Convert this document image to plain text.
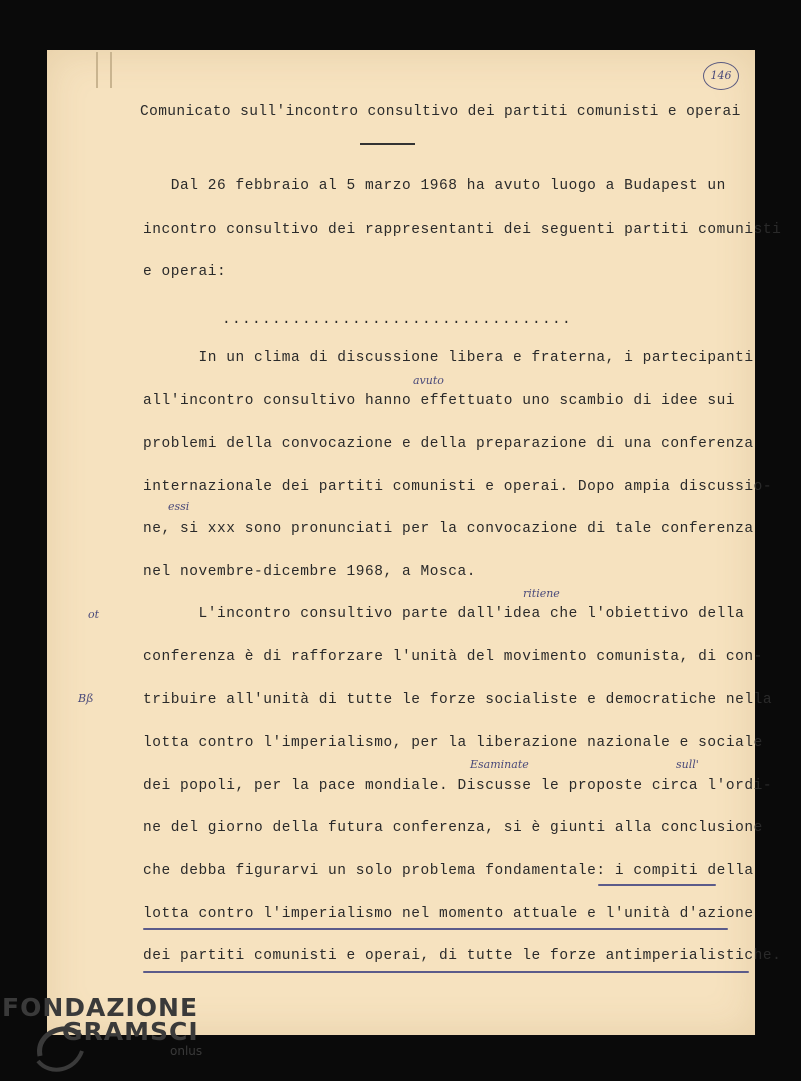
146
Comunicato sull'incontro consultivo dei partiti comunisti e operai
Dal 26 febbraio al 5 marzo 1968 ha avuto luogo a Budapest un
incontro consultivo dei rappresentanti dei seguenti partiti comunisti
e operai:
...................................
In un clima di discussione libera e fraterna, i partecipanti
all'incontro consultivo hanno effettuato uno scambio di idee sui
problemi della convocazione e della preparazione di una conferenza
internazionale dei partiti comunisti e operai. Dopo ampia discussio-
ne, si xxx sono pronunciati per la convocazione di tale conferenza
nel novembre-dicembre 1968, a Mosca.
L'incontro consultivo parte dall'idea che l'obiettivo della
conferenza è di rafforzare l'unità del movimento comunista, di con-
tribuire all'unità di tutte le forze socialiste e democratiche nella
lotta contro l'imperialismo, per la liberazione nazionale e sociale
dei popoli, per la pace mondiale. Discusse le proposte circa l'ordi-
ne del giorno della futura conferenza, si è giunti alla conclusione
che debba figurarvi un solo problema fondamentale: i compiti della
lotta contro l'imperialismo nel momento attuale e l'unità d'azione
dei partiti comunisti e operai, di tutte le forze antimperialistiche.
avuto
essi
ritiene
Esaminate	sull'
ot
Bß
FONDAZIONE
GRAMSCI
onlus
